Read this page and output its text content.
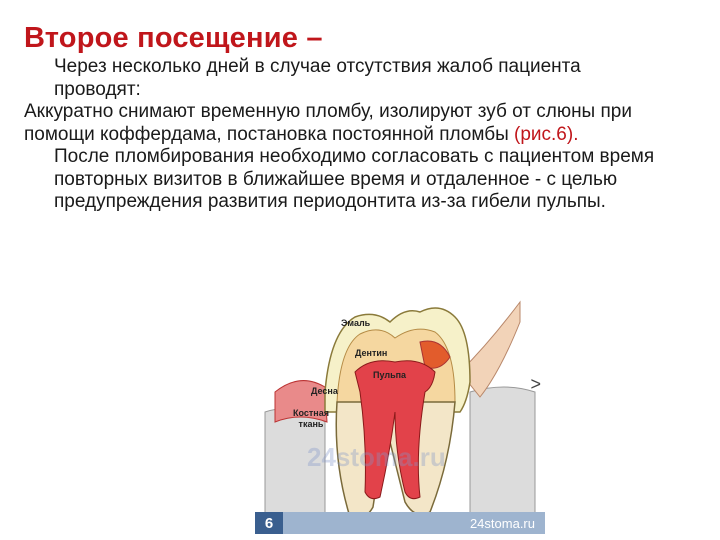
Второе посещение –
Через несколько дней в случае отсутствия жалоб пациента
проводят:
Аккуратно снимают временную пломбу, изолируют зуб от слюны при помощи коффердама, постановка постоянной пломбы (рис.6).
После пломбирования необходимо согласовать с пациентом время повторных визитов в ближайшее время и отдаленное - с целью предупреждения развития периодонтита из-за гибели пульпы.
Эмаль
Дентин
Пульпа
Десна
Костная ткань
24stoma.ru
>
6	24stoma.ru
